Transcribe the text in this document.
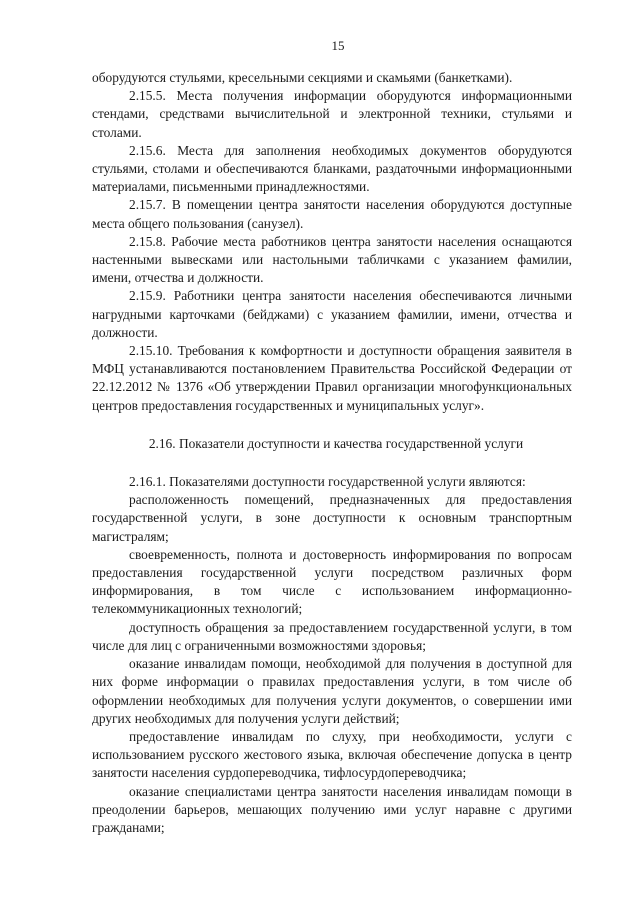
15

оборудуются стульями, кресельными секциями и скамьями (банкетками).

2.15.5. Места получения информации оборудуются информационными стендами, средствами вычислительной и электронной техники, стульями и столами.

2.15.6. Места для заполнения необходимых документов оборудуются стульями, столами и обеспечиваются бланками, раздаточными информационными материалами, письменными принадлежностями.

2.15.7. В помещении центра занятости населения оборудуются доступные места общего пользования (санузел).

2.15.8. Рабочие места работников центра занятости населения оснащаются настенными вывесками или настольными табличками с указанием фамилии, имени, отчества и должности.

2.15.9. Работники центра занятости населения обеспечиваются личными нагрудными карточками (бейджами) с указанием фамилии, имени, отчества и должности.

2.15.10. Требования к комфортности и доступности обращения заявителя в МФЦ устанавливаются постановлением Правительства Российской Федерации от 22.12.2012 № 1376 «Об утверждении Правил организации многофункциональных центров предоставления государственных и муниципальных услуг».

2.16. Показатели доступности и качества государственной услуги

2.16.1. Показателями доступности государственной услуги являются:

расположенность помещений, предназначенных для предоставления государственной услуги, в зоне доступности к основным транспортным магистралям;

своевременность, полнота и достоверность информирования по вопросам предоставления государственной услуги посредством различных форм информирования, в том числе с использованием информационно-телекоммуникационных технологий;

доступность обращения за предоставлением государственной услуги, в том числе для лиц с ограниченными возможностями здоровья;

оказание инвалидам помощи, необходимой для получения в доступной для них форме информации о правилах предоставления услуги, в том числе об оформлении необходимых для получения услуги документов, о совершении ими других необходимых для получения услуги действий;

предоставление инвалидам по слуху, при необходимости, услуги с использованием русского жестового языка, включая обеспечение допуска в центр занятости населения сурдопереводчика, тифлосурдопереводчика;

оказание специалистами центра занятости населения инвалидам помощи в преодолении барьеров, мешающих получению ими услуг наравне с другими гражданами;
